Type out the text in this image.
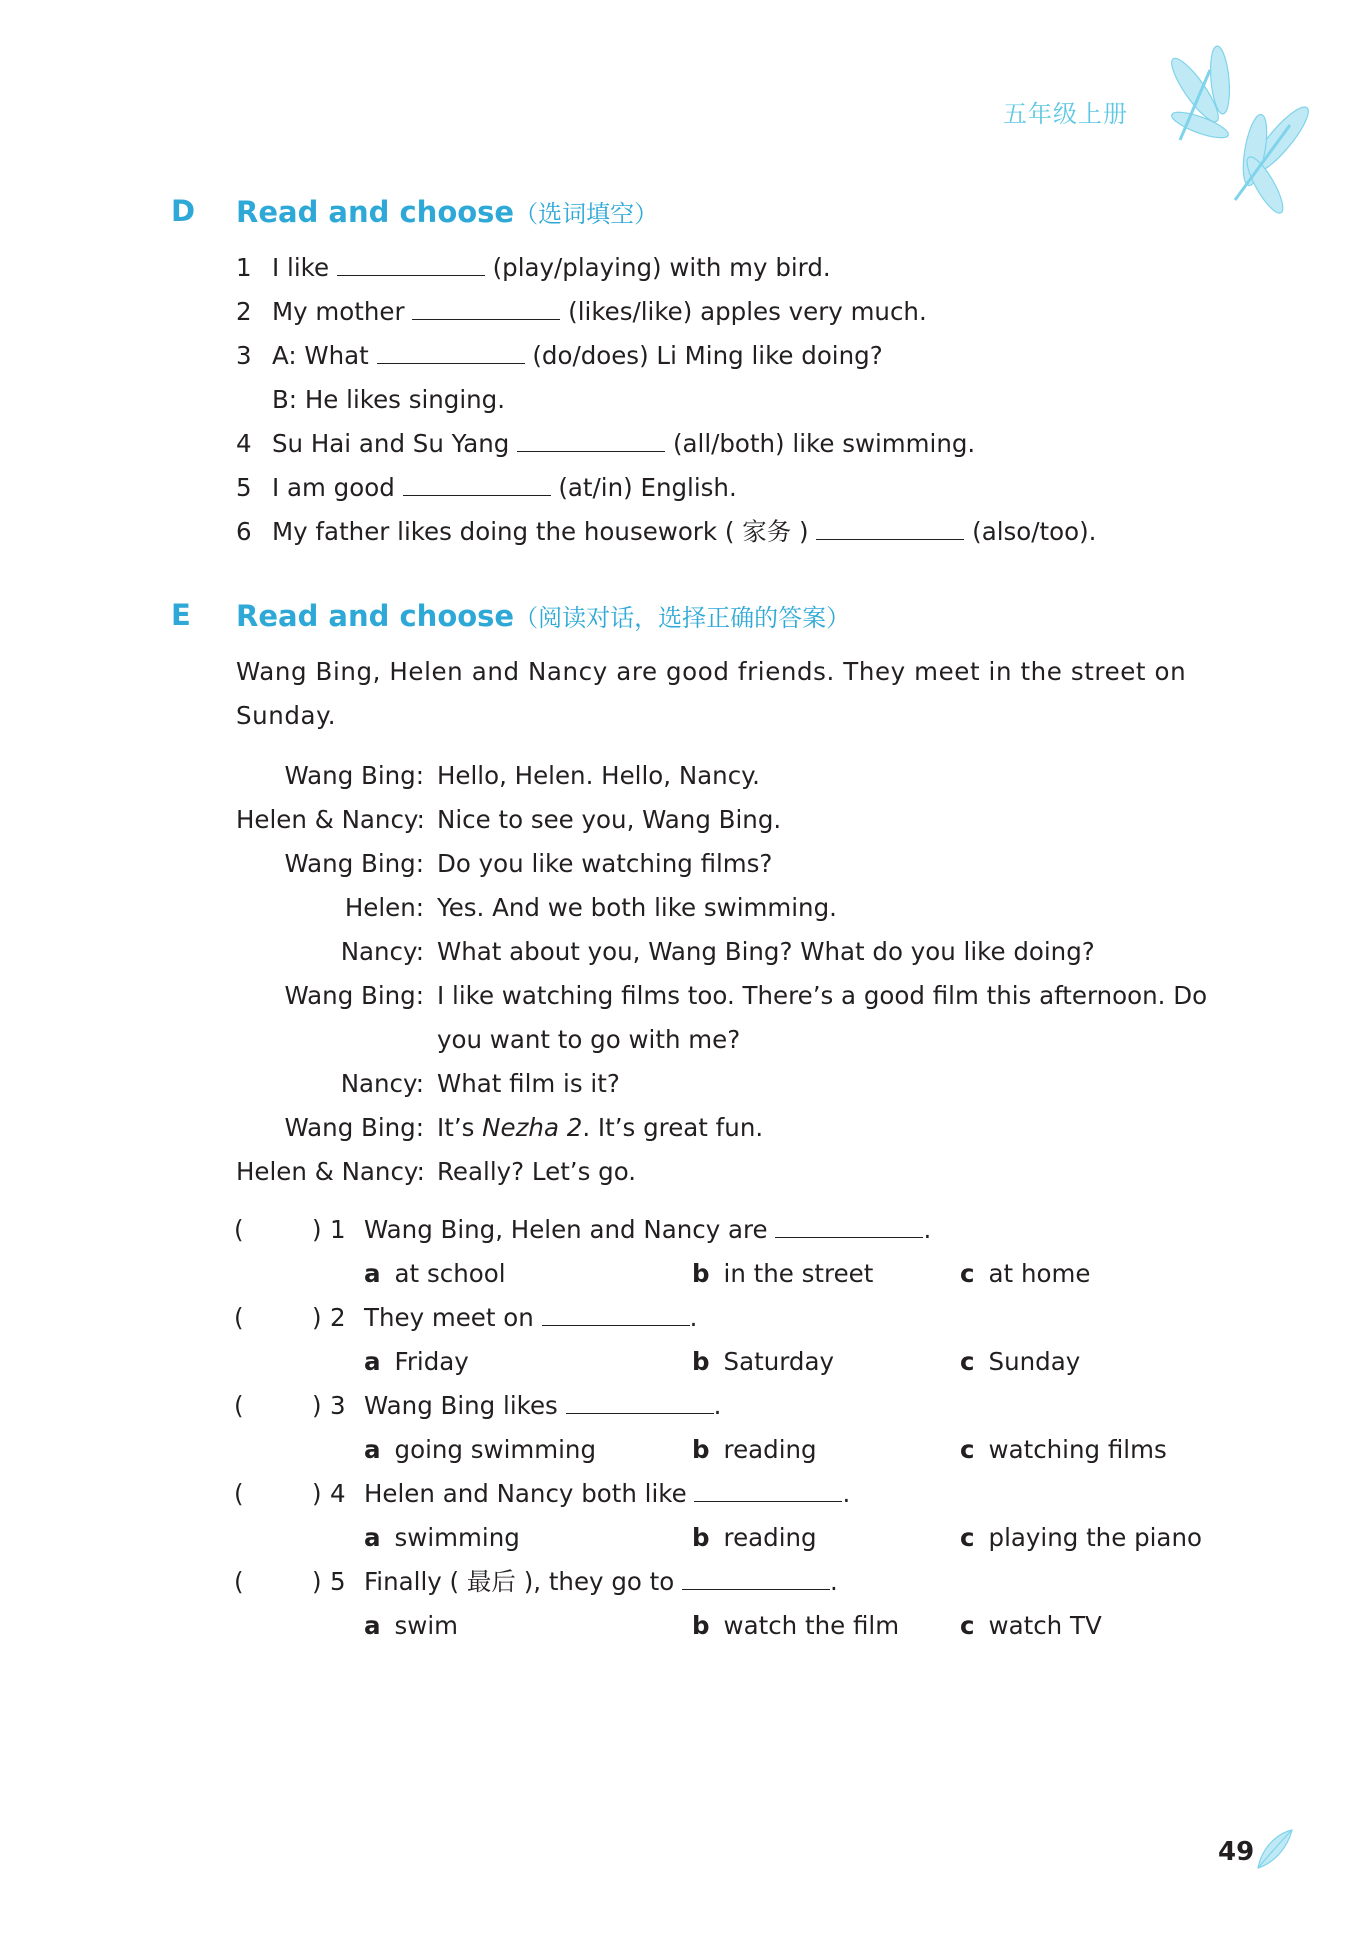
五年级上册
D Read and choose（选词填空）
1 I like	(play/playing) with my bird.
2 My mother	(likes/like) apples very much.
3 A: What	(do/does) Li Ming like doing?
B: He likes singing.
4 Su Hai and Su Yang	(all/both) like swimming.
5 I am good	(at/in) English.
6 My father likes doing the housework ( 家务 )	(also/too).
E Read and choose（阅读对话，选择正确的答案）
Wang Bing, Helen and Nancy are good friends. They meet in the street on Sunday.
Wang Bing: Hello, Helen. Hello, Nancy.
Helen & Nancy: Nice to see you, Wang Bing.
Wang Bing: Do you like watching films?
Helen: Yes. And we both like swimming.
Nancy: What about you, Wang Bing? What do you like doing?
Wang Bing: I like watching films too. There’s a good film this afternoon. Do
you want to go with me?
Nancy: What film is it?
Wang Bing: It’s Nezha 2. It’s great fun.
Helen & Nancy: Really? Let’s go.
(	) 1 Wang Bing, Helen and Nancy are	.
a at school	b in the street	c at home
(	) 2 They meet on	.
a Friday	b Saturday	c Sunday
(	) 3 Wang Bing likes	.
a going swimming	b reading	c watching films
(	) 4 Helen and Nancy both like	.
a swimming	b reading	c playing the piano
(	) 5 Finally ( 最后 ), they go to	.
a swim	b watch the film c watch TV
49
